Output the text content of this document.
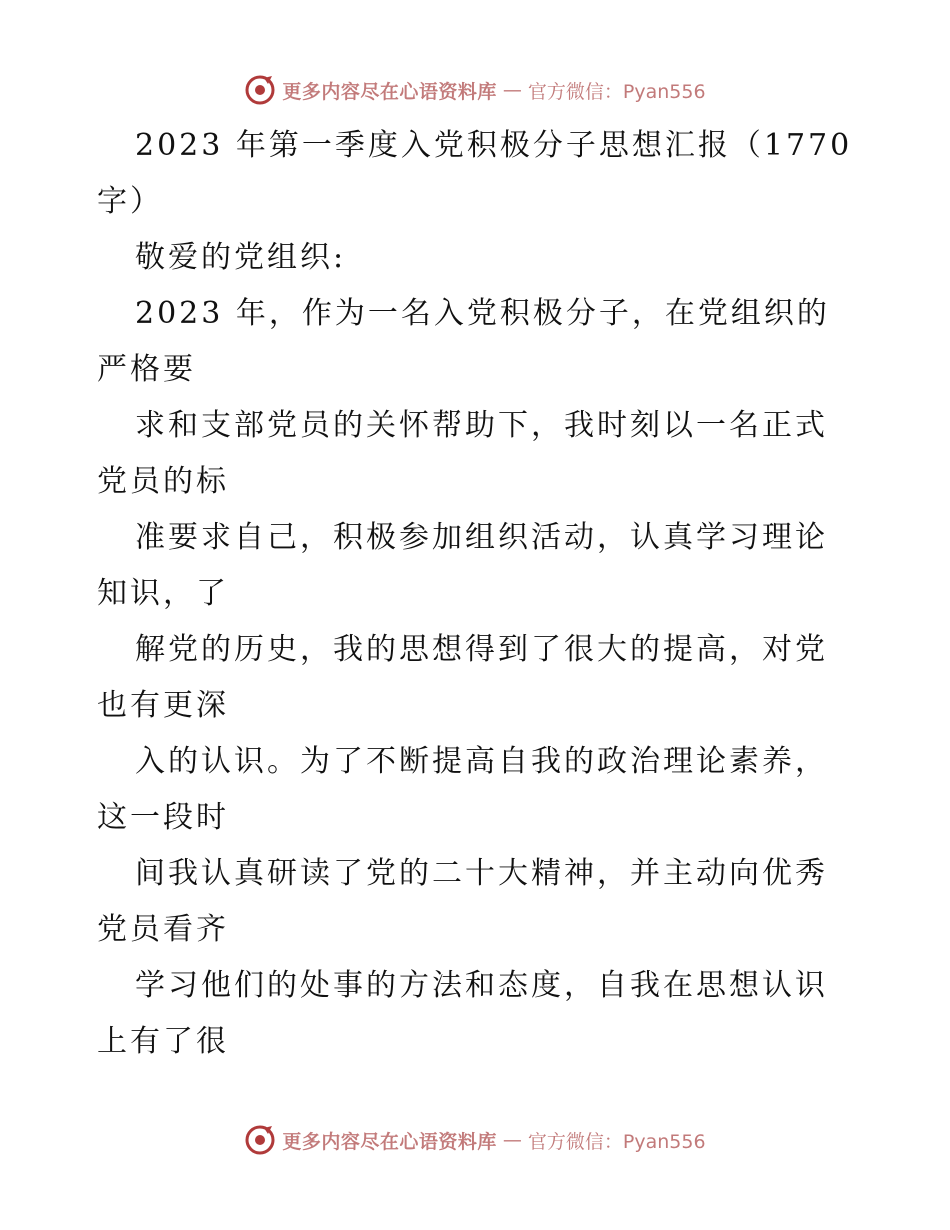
更多内容尽在心语资料库 — 官方微信：Pyan556
2023 年第一季度入党积极分子思想汇报（1770
字）
敬爱的党组织:
2023 年，作为一名入党积极分子，在党组织的
严格要
求和支部党员的关怀帮助下，我时刻以一名正式
党员的标
准要求自己，积极参加组织活动，认真学习理论
知识，了
解党的历史，我的思想得到了很大的提高，对党
也有更深
入的认识。为了不断提高自我的政治理论素养，
这一段时
间我认真研读了党的二十大精神，并主动向优秀
党员看齐
学习他们的处事的方法和态度，自我在思想认识
上有了很
更多内容尽在心语资料库 — 官方微信：Pyan556
